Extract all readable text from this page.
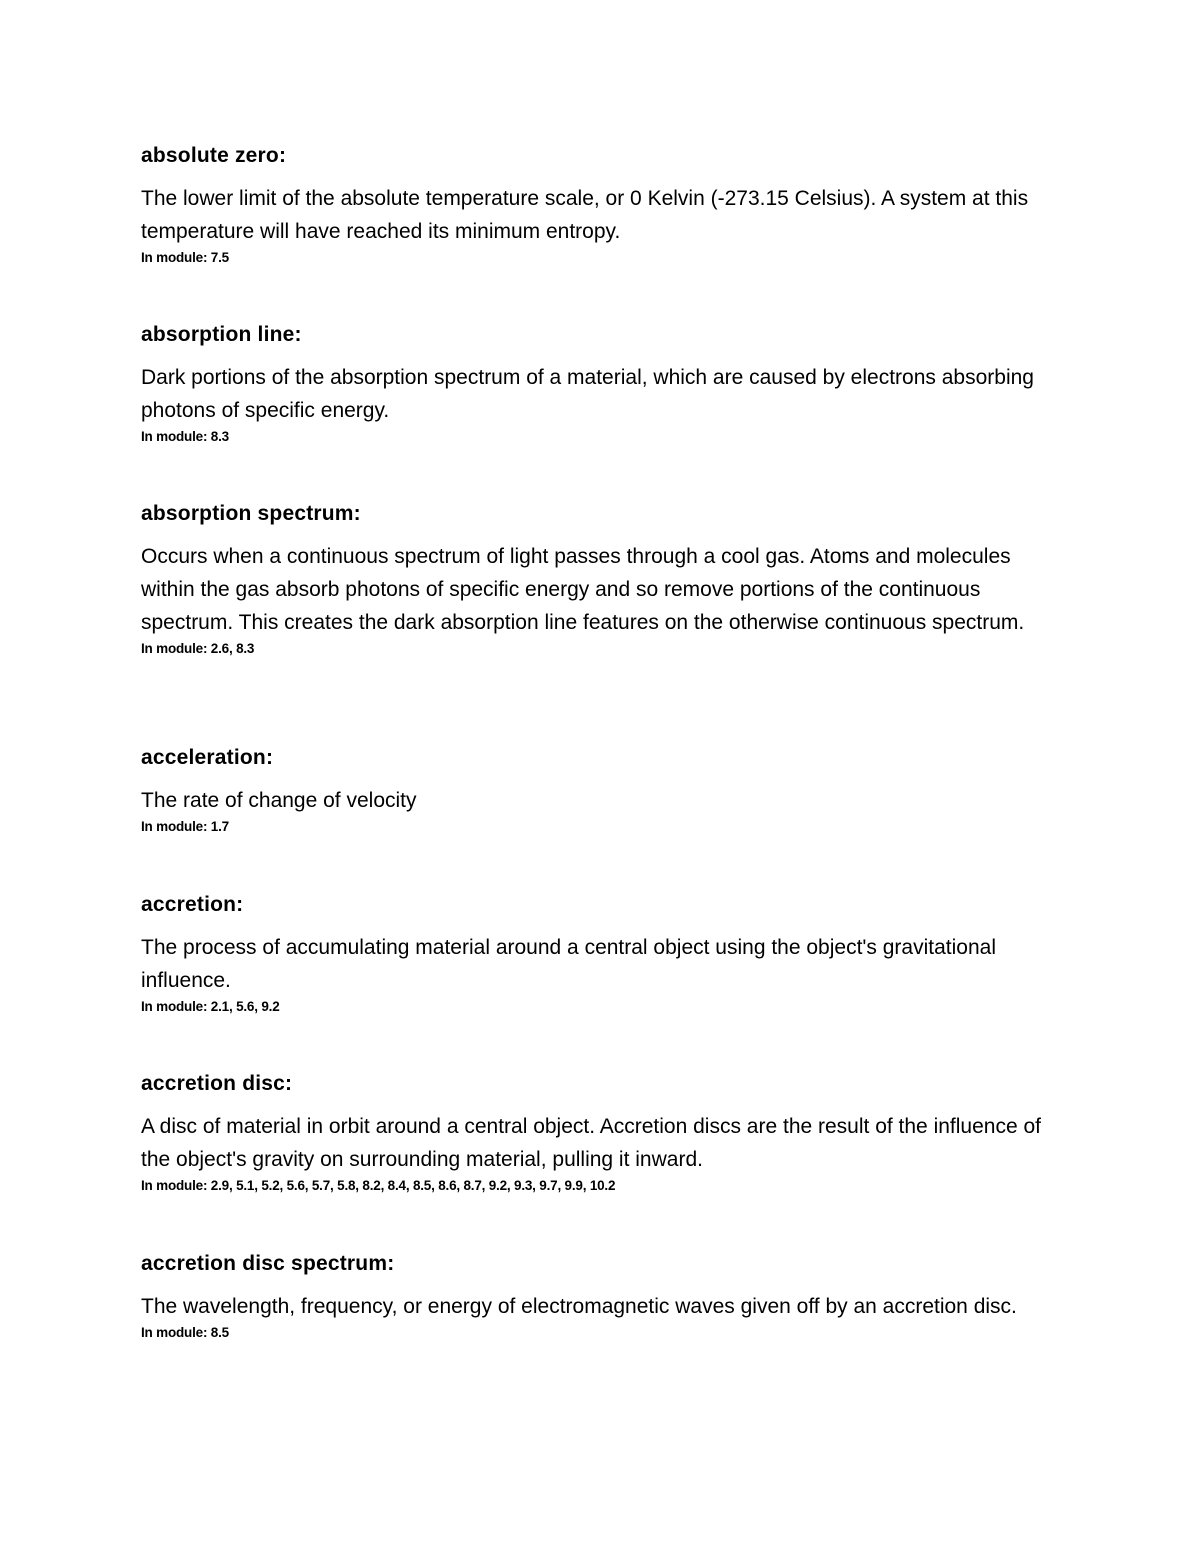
absolute zero:

The lower limit of the absolute temperature scale, or 0 Kelvin (-273.15 Celsius). A system at this temperature will have reached its minimum entropy.

In module: 7.5

absorption line:

Dark portions of the absorption spectrum of a material, which are caused by electrons absorbing photons of specific energy.

In module: 8.3

absorption spectrum:

Occurs when a continuous spectrum of light passes through a cool gas. Atoms and molecules within the gas absorb photons of specific energy and so remove portions of the continuous spectrum. This creates the dark absorption line features on the otherwise continuous spectrum.

In module: 2.6, 8.3

acceleration:

The rate of change of velocity

In module: 1.7

accretion:

The process of accumulating material around a central object using the object's gravitational influence.

In module: 2.1, 5.6, 9.2

accretion disc:

A disc of material in orbit around a central object. Accretion discs are the result of the influence of the object's gravity on surrounding material, pulling it inward.

In module: 2.9, 5.1, 5.2, 5.6, 5.7, 5.8, 8.2, 8.4, 8.5, 8.6, 8.7, 9.2, 9.3, 9.7, 9.9, 10.2

accretion disc spectrum:

The wavelength, frequency, or energy of electromagnetic waves given off by an accretion disc.

In module: 8.5
